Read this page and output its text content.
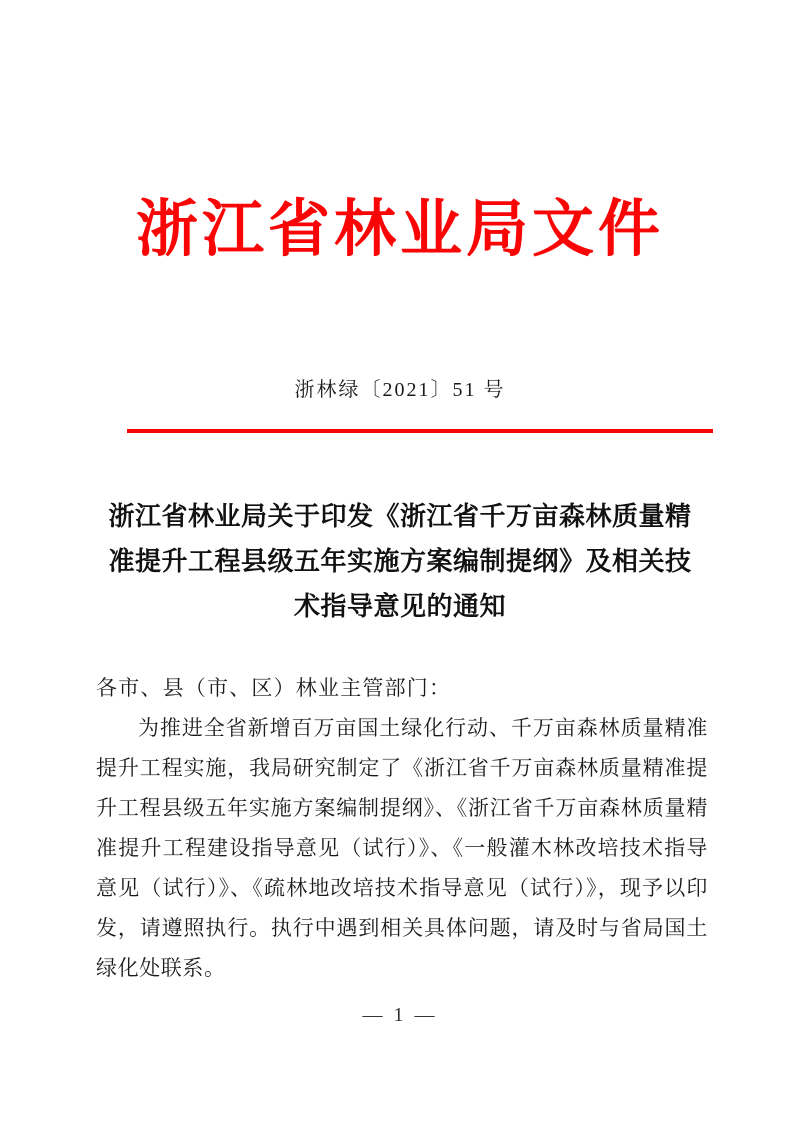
浙江省林业局文件
浙林绿〔2021〕51 号
浙江省林业局关于印发《浙江省千万亩森林质量精准提升工程县级五年实施方案编制提纲》及相关技术指导意见的通知

各市、县（市、区）林业主管部门：

为推进全省新增百万亩国土绿化行动、千万亩森林质量精准提升工程实施，我局研究制定了《浙江省千万亩森林质量精准提升工程县级五年实施方案编制提纲》、《浙江省千万亩森林质量精准提升工程建设指导意见（试行）》、《一般灌木林改培技术指导意见（试行）》、《疏林地改培技术指导意见（试行）》，现予以印发，请遵照执行。执行中遇到相关具体问题，请及时与省局国土绿化处联系。

— 1 —
